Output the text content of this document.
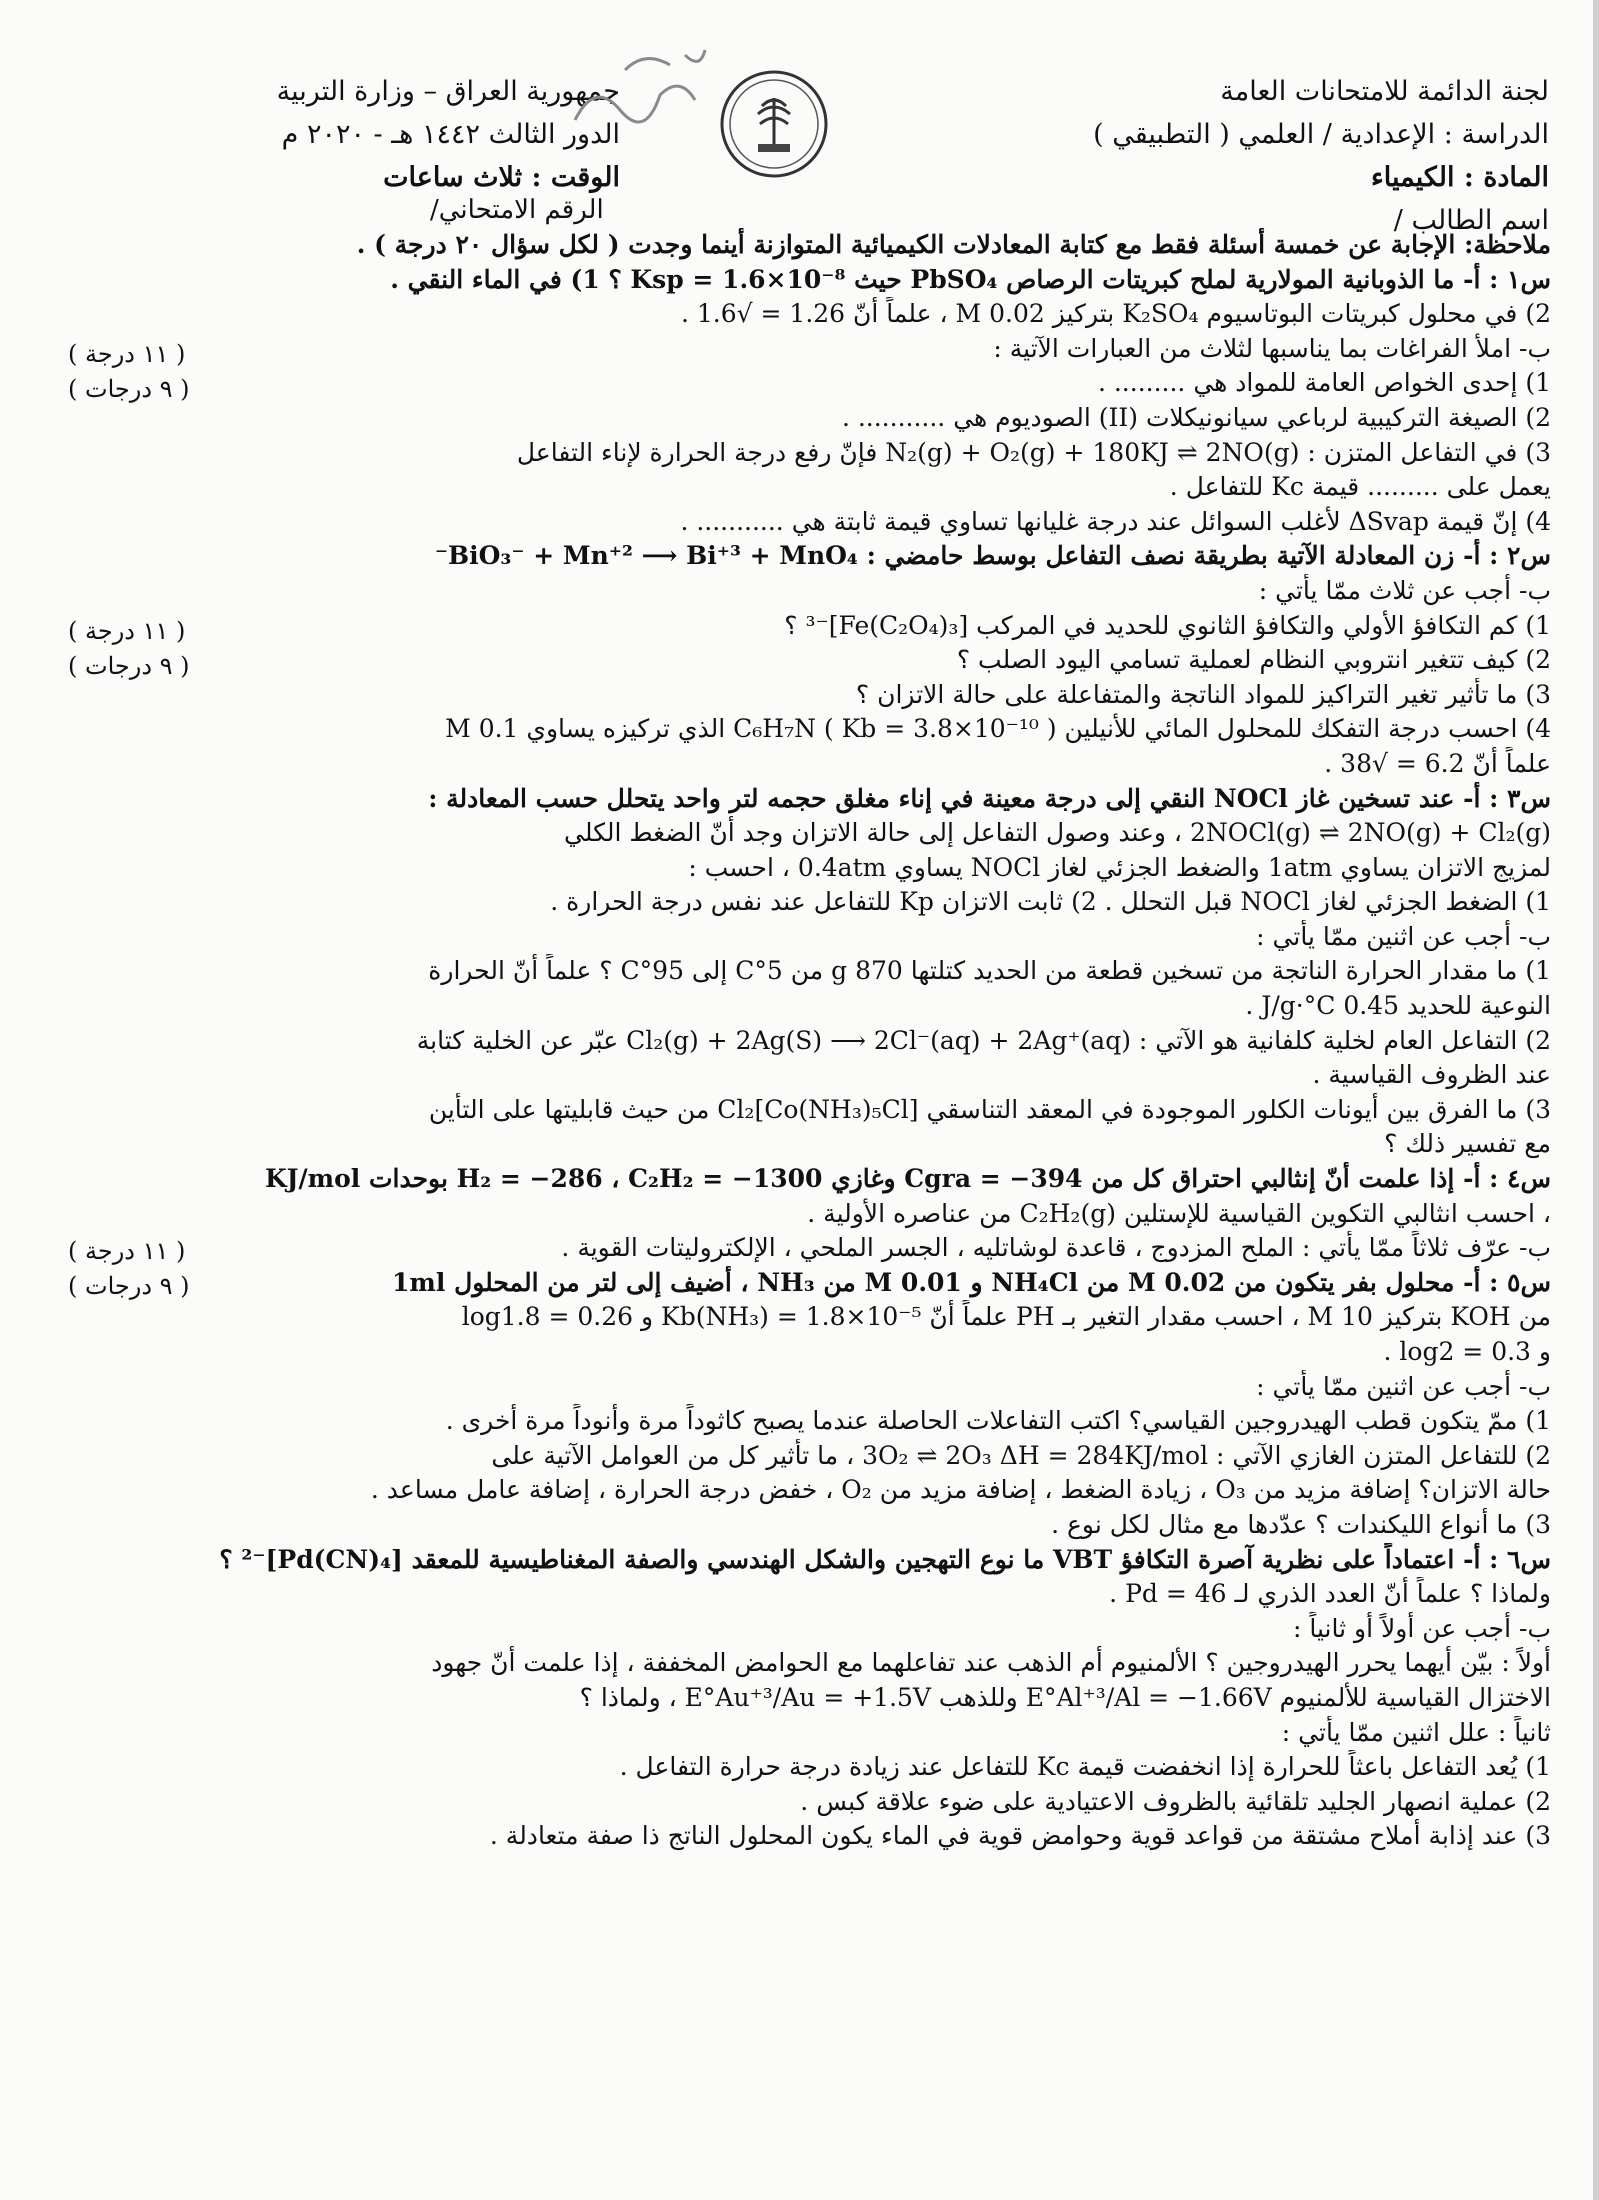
لجنة الدائمة للامتحانات العامة
الدراسة : الإعدادية / العلمي ( التطبيقي )
المادة : الكيمياء
اسم الطالب /
جمهورية العراق – وزارة التربية
الدور الثالث ١٤٤٢ هـ - ٢٠٢٠ م
الوقت : ثلاث ساعات
الرقم الامتحاني/
ملاحظة: الإجابة عن خمسة أسئلة فقط مع كتابة المعادلات الكيميائية المتوازنة أينما وجدت ( لكل سؤال ٢٠ درجة ) .
س١ : أ- ما الذوبانية المولارية لملح كبريتات الرصاص PbSO₄ حيث Ksp = 1.6×10⁻⁸ ؟ 1) في الماء النقي .
2) في محلول كبريتات البوتاسيوم K₂SO₄ بتركيز 0.02 M ، علماً أنّ 1.26 = √1.6 .
ب- املأ الفراغات بما يناسبها لثلاث من العبارات الآتية :
1) إحدى الخواص العامة للمواد هي ......... .
2) الصيغة التركيبية لرباعي سيانونيكلات (II) الصوديوم هي ........... .
3) في التفاعل المتزن : N₂(g) + O₂(g) + 180KJ ⇌ 2NO(g) فإنّ رفع درجة الحرارة لإناء التفاعل
يعمل على ......... قيمة Kc للتفاعل .
4) إنّ قيمة ΔSvap لأغلب السوائل عند درجة غليانها تساوي قيمة ثابتة هي ........... .
س٢ : أ- زن المعادلة الآتية بطريقة نصف التفاعل بوسط حامضي : BiO₃⁻ + Mn⁺² ⟶ Bi⁺³ + MnO₄⁻
ب- أجب عن ثلاث ممّا يأتي :
1) كم التكافؤ الأولي والتكافؤ الثانوي للحديد في المركب [Fe(C₂O₄)₃]⁻³ ؟
2) كيف تتغير انتروبي النظام لعملية تسامي اليود الصلب ؟
3) ما تأثير تغير التراكيز للمواد الناتجة والمتفاعلة على حالة الاتزان ؟
4) احسب درجة التفكك للمحلول المائي للأنيلين C₆H₇N ( Kb = 3.8×10⁻¹⁰ ) الذي تركيزه يساوي 0.1 M
علماً أنّ 6.2 = √38 .
س٣ : أ- عند تسخين غاز NOCl النقي إلى درجة معينة في إناء مغلق حجمه لتر واحد يتحلل حسب المعادلة :
2NOCl(g) ⇌ 2NO(g) + Cl₂(g) ، وعند وصول التفاعل إلى حالة الاتزان وجد أنّ الضغط الكلي
لمزيج الاتزان يساوي 1atm والضغط الجزئي لغاز NOCl يساوي 0.4atm ، احسب :
1) الضغط الجزئي لغاز NOCl قبل التحلل . 2) ثابت الاتزان Kp للتفاعل عند نفس درجة الحرارة .
ب- أجب عن اثنين ممّا يأتي :
1) ما مقدار الحرارة الناتجة من تسخين قطعة من الحديد كتلتها 870 g من 5°C إلى 95°C ؟ علماً أنّ الحرارة
النوعية للحديد 0.45 J/g·°C .
2) التفاعل العام لخلية كلفانية هو الآتي : Cl₂(g) + 2Ag(S) ⟶ 2Cl⁻(aq) + 2Ag⁺(aq) عبّر عن الخلية كتابة
عند الظروف القياسية .
3) ما الفرق بين أيونات الكلور الموجودة في المعقد التناسقي [Co(NH₃)₅Cl]Cl₂ من حيث قابليتها على التأين
مع تفسير ذلك ؟
س٤ : أ- إذا علمت أنّ إنثالبي احتراق كل من Cgra = −394 وغازي H₂ = −286 ، C₂H₂ = −1300 بوحدات KJ/mol
، احسب انثالبي التكوين القياسية للإستلين C₂H₂(g) من عناصره الأولية .
ب- عرّف ثلاثاً ممّا يأتي : الملح المزدوج ، قاعدة لوشاتليه ، الجسر الملحي ، الإلكتروليتات القوية .
س٥ : أ- محلول بفر يتكون من 0.02 M من NH₄Cl و 0.01 M من NH₃ ، أضيف إلى لتر من المحلول 1ml
من KOH بتركيز 10 M ، احسب مقدار التغير بـ PH علماً أنّ Kb(NH₃) = 1.8×10⁻⁵ و log1.8 = 0.26
و log2 = 0.3 .
ب- أجب عن اثنين ممّا يأتي :
1) ممّ يتكون قطب الهيدروجين القياسي؟ اكتب التفاعلات الحاصلة عندما يصبح كاثوداً مرة وأنوداً مرة أخرى .
2) للتفاعل المتزن الغازي الآتي : 3O₂ ⇌ 2O₃ ΔH = 284KJ/mol ، ما تأثير كل من العوامل الآتية على
حالة الاتزان؟ إضافة مزيد من O₃ ، زيادة الضغط ، إضافة مزيد من O₂ ، خفض درجة الحرارة ، إضافة عامل مساعد .
3) ما أنواع الليكندات ؟ عدّدها مع مثال لكل نوع .
س٦ : أ- اعتماداً على نظرية آصرة التكافؤ VBT ما نوع التهجين والشكل الهندسي والصفة المغناطيسية للمعقد [Pd(CN)₄]⁻² ؟
ولماذا ؟ علماً أنّ العدد الذري لـ Pd = 46 .
ب- أجب عن أولاً أو ثانياً :
أولاً : بيّن أيهما يحرر الهيدروجين ؟ الألمنيوم أم الذهب عند تفاعلهما مع الحوامض المخففة ، إذا علمت أنّ جهود
الاختزال القياسية للألمنيوم E°Al⁺³/Al = −1.66V وللذهب E°Au⁺³/Au = +1.5V ، ولماذا ؟
ثانياً : علل اثنين ممّا يأتي :
1) يُعد التفاعل باعثاً للحرارة إذا انخفضت قيمة Kc للتفاعل عند زيادة درجة حرارة التفاعل .
2) عملية انصهار الجليد تلقائية بالظروف الاعتيادية على ضوء علاقة كبس .
3) عند إذابة أملاح مشتقة من قواعد قوية وحوامض قوية في الماء يكون المحلول الناتج ذا صفة متعادلة .
( ١١ درجة )
( ٩ درجات )
( ١١ درجة )
( ٩ درجات )
( ١١ درجة )
( ٩ درجات )
